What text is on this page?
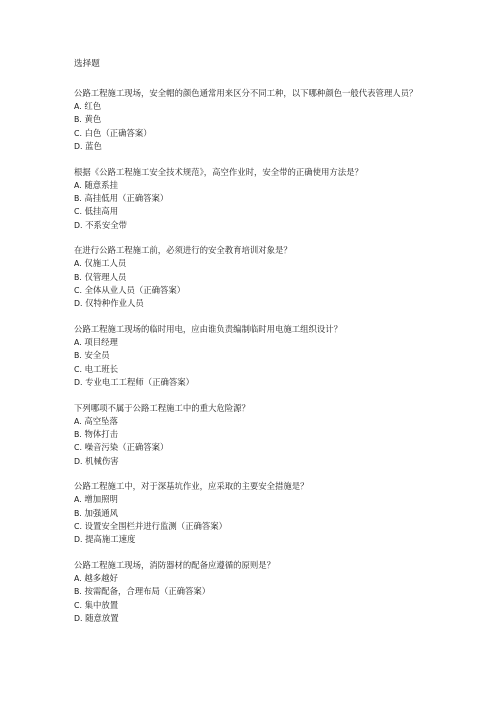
选择题
公路工程施工现场，安全帽的颜色通常用来区分不同工种，以下哪种颜色一般代表管理人员？
A. 红色
B. 黄色
C. 白色（正确答案）
D. 蓝色
根据《公路工程施工安全技术规范》，高空作业时，安全带的正确使用方法是？
A. 随意系挂
B. 高挂低用（正确答案）
C. 低挂高用
D. 不系安全带
在进行公路工程施工前，必须进行的安全教育培训对象是？
A. 仅施工人员
B. 仅管理人员
C. 全体从业人员（正确答案）
D. 仅特种作业人员
公路工程施工现场的临时用电，应由谁负责编制临时用电施工组织设计？
A. 项目经理
B. 安全员
C. 电工班长
D. 专业电工工程师（正确答案）
下列哪项不属于公路工程施工中的重大危险源？
A. 高空坠落
B. 物体打击
C. 噪音污染（正确答案）
D. 机械伤害
公路工程施工中，对于深基坑作业，应采取的主要安全措施是？
A. 增加照明
B. 加强通风
C. 设置安全围栏并进行监测（正确答案）
D. 提高施工速度
公路工程施工现场，消防器材的配备应遵循的原则是？
A. 越多越好
B. 按需配备，合理布局（正确答案）
C. 集中放置
D. 随意放置
